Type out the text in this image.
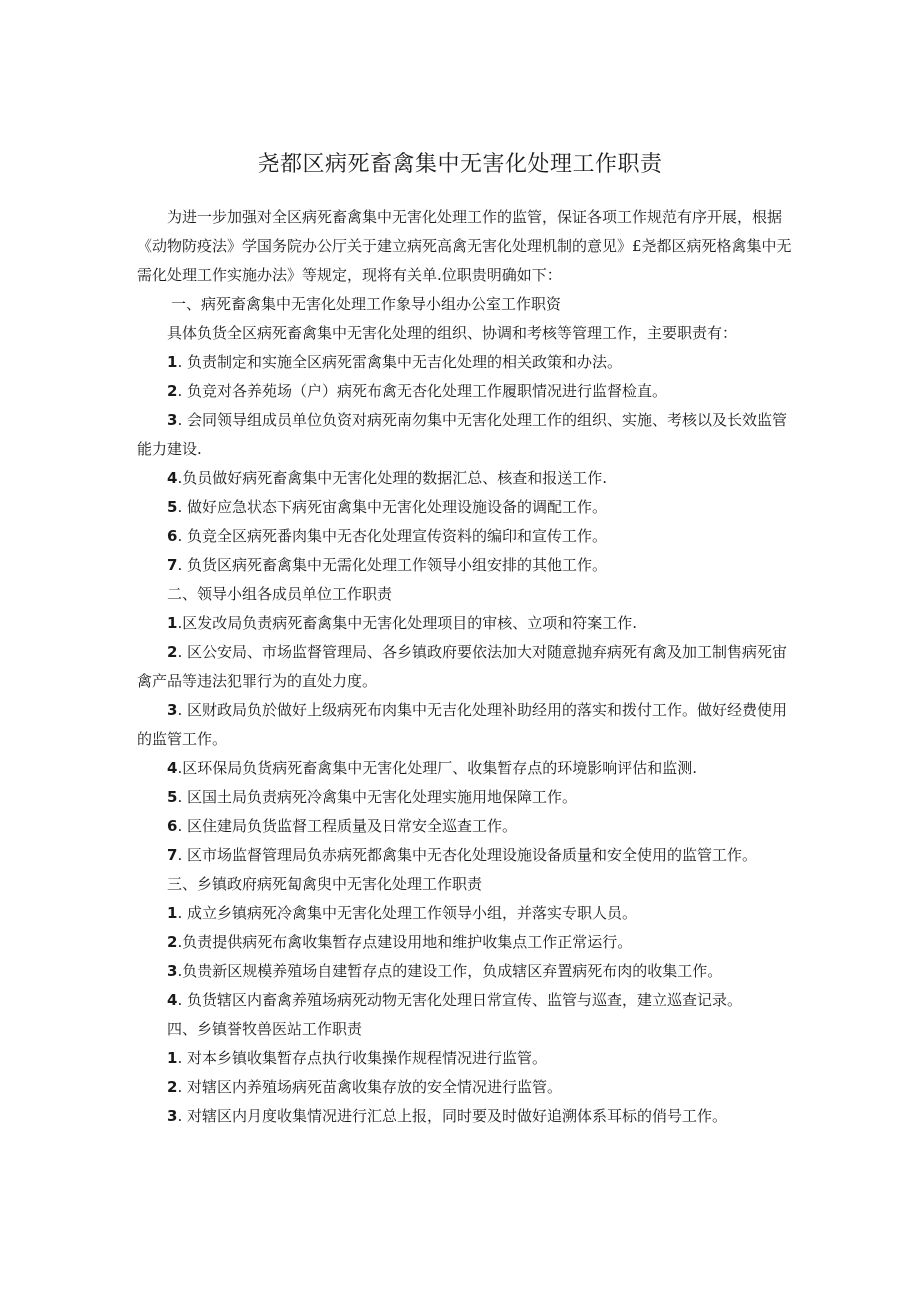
尧都区病死畜禽集中无害化处理工作职责

为进一步加强对全区病死畜禽集中无害化处理工作的监管，保证各项工作规范有序开展，根据《动物防疫法》学国务院办公厅关于建立病死高禽无害化处理机制的意见》£尧都区病死格禽集中无需化处理工作实施办法》等规定，现将有关单.位职贵明确如下：

一、病死畜禽集中无害化处理工作象导小组办公室工作职资

具体负货全区病死畜禽集中无害化处理的组织、协调和考核等管理工作，主要职责有：

1. 负责制定和实施全区病死雷禽集中无吉化处理的相关政策和办法。

2. 负竞对各养苑场（户）病死布禽无杏化处理工作履职情况进行监督检直。

3. 会同领导组成员单位负资对病死南勿集中无害化处理工作的组织、实施、考核以及长效监管能力建设.

4.负员做好病死畜禽集中无害化处理的数据汇总、核查和报送工作.

5. 做好应急状态下病死宙禽集中无害化处理设施设备的调配工作。

6. 负竞全区病死番肉集中无杏化处理宣传资料的编印和宣传工作。

7. 负货区病死畜禽集中无需化处理工作领导小组安排的其他工作。

二、领导小组各成员单位工作职责

1.区发改局负责病死畜禽集中无害化处理项目的审核、立项和符案工作.

2. 区公安局、市场监督管理局、各乡镇政府要依法加大对随意抛弃病死有禽及加工制售病死宙禽产品等违法犯罪行为的直处力度。

3. 区财政局负於做好上级病死布肉集中无吉化处理补助经用的落实和拨付工作。做好经费使用的监管工作。

4.区环保局负货病死畜禽集中无害化处理厂、收集暂存点的环境影响评估和监测.

5. 区国土局负责病死冷禽集中无害化处理实施用地保障工作。

6. 区住建局负货监督工程质量及日常安全巡查工作。

7. 区市场监督管理局负赤病死都禽集中无杏化处理设施设备质量和安全使用的监管工作。

三、乡镇政府病死匐禽臾中无害化处理工作职责

1. 成立乡镇病死冷禽集中无害化处理工作领导小组，并落实专职人员。

2.负责提供病死布禽收集暂存点建设用地和维护收集点工作正常运行。

3.负贵新区规模养殖场自建暂存点的建设工作，负成辖区弃置病死布肉的收集工作。

4. 负货辖区内畜禽养殖场病死动物无害化处理日常宣传、监管与巡查，建立巡查记录。

四、乡镇誉牧兽医站工作职责

1. 对本乡镇收集暂存点执行收集操作规程情况进行监管。

2. 对辖区内养殖场病死苗禽收集存放的安全情况进行监管。

3. 对辖区内月度收集情况进行汇总上报，同时要及时做好追溯体系耳标的俏号工作。
